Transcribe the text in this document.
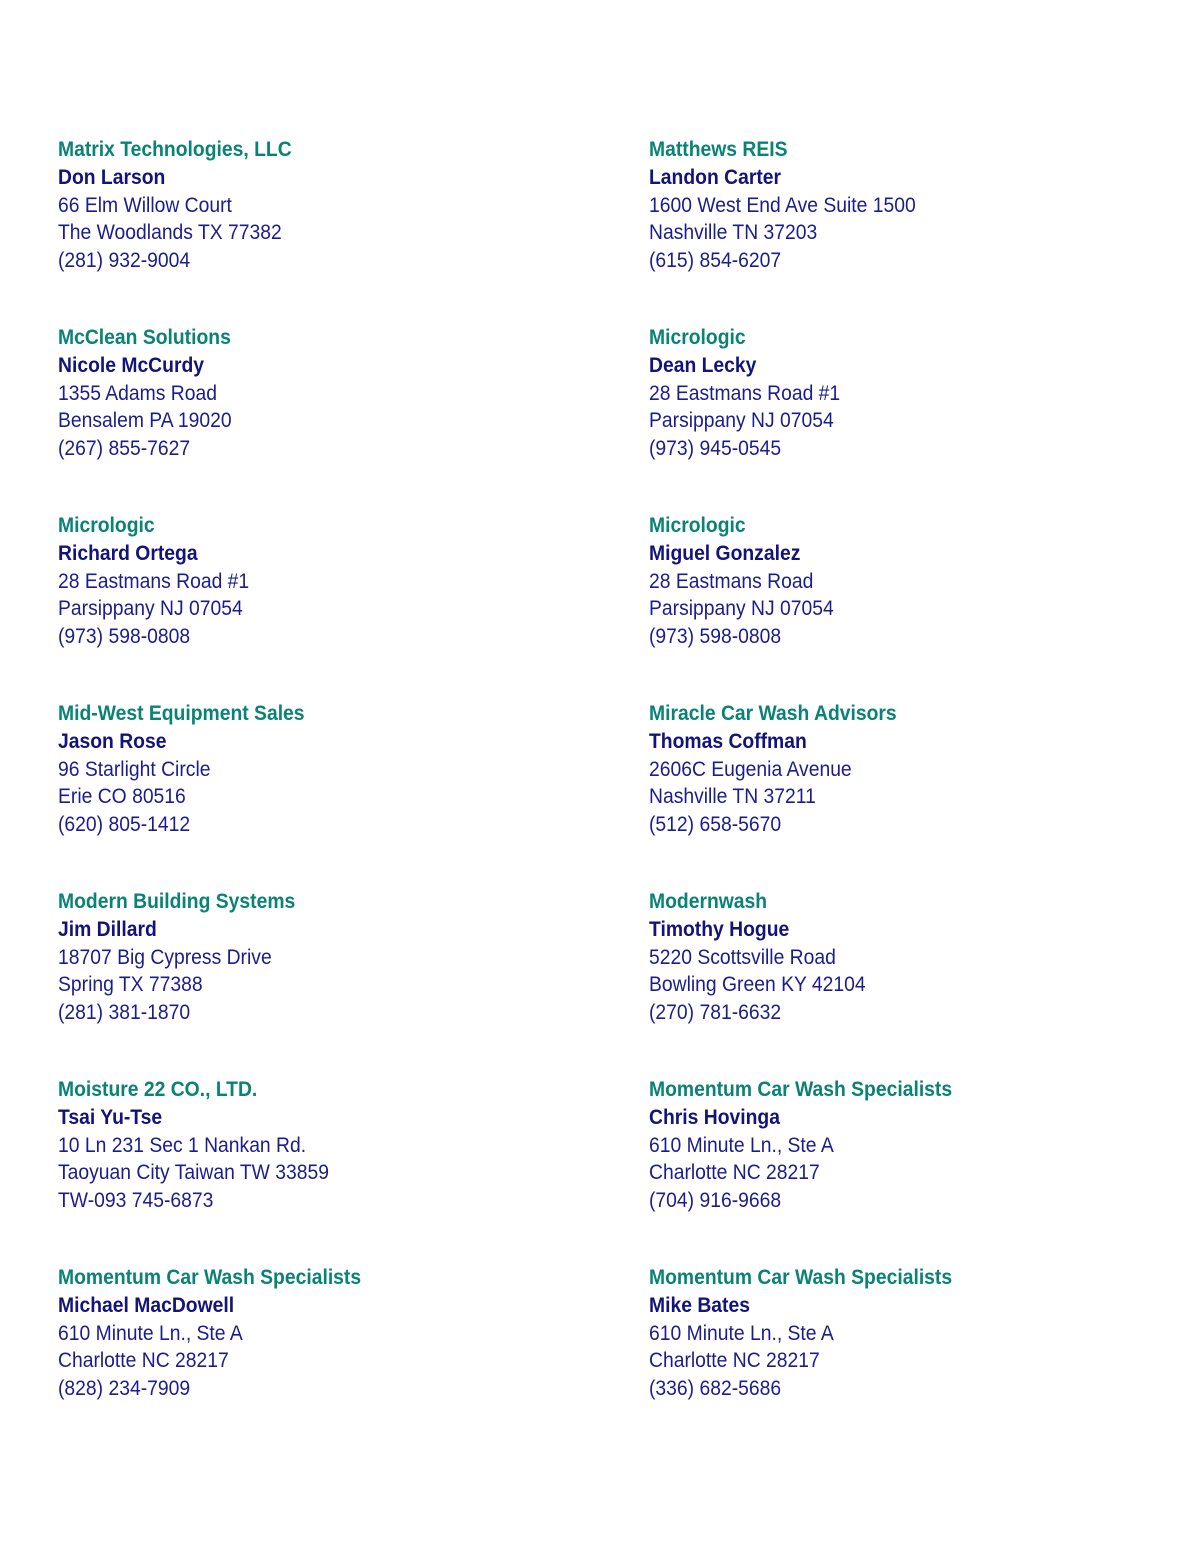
Matrix Technologies, LLC
Don Larson
66 Elm Willow Court
The Woodlands TX 77382
(281) 932-9004
Matthews REIS
Landon Carter
1600 West End Ave Suite 1500
Nashville TN 37203
(615) 854-6207
McClean Solutions
Nicole McCurdy
1355 Adams Road
Bensalem PA 19020
(267) 855-7627
Micrologic
Dean Lecky
28 Eastmans Road #1
Parsippany NJ 07054
(973) 945-0545
Micrologic
Richard Ortega
28 Eastmans Road #1
Parsippany NJ 07054
(973) 598-0808
Micrologic
Miguel Gonzalez
28 Eastmans Road
Parsippany NJ 07054
(973) 598-0808
Mid-West Equipment Sales
Jason Rose
96 Starlight Circle
Erie CO 80516
(620) 805-1412
Miracle Car Wash Advisors
Thomas Coffman
2606C Eugenia Avenue
Nashville TN 37211
(512) 658-5670
Modern Building Systems
Jim Dillard
18707 Big Cypress Drive
Spring TX 77388
(281) 381-1870
Modernwash
Timothy Hogue
5220 Scottsville Road
Bowling Green KY 42104
(270) 781-6632
Moisture 22 CO., LTD.
Tsai Yu-Tse
10 Ln 231 Sec 1 Nankan Rd.
Taoyuan City Taiwan TW 33859
TW-093 745-6873
Momentum Car Wash Specialists
Chris Hovinga
610 Minute Ln., Ste A
Charlotte NC 28217
(704) 916-9668
Momentum Car Wash Specialists
Michael MacDowell
610 Minute Ln., Ste A
Charlotte NC 28217
(828) 234-7909
Momentum Car Wash Specialists
Mike Bates
610 Minute Ln., Ste A
Charlotte NC 28217
(336) 682-5686
